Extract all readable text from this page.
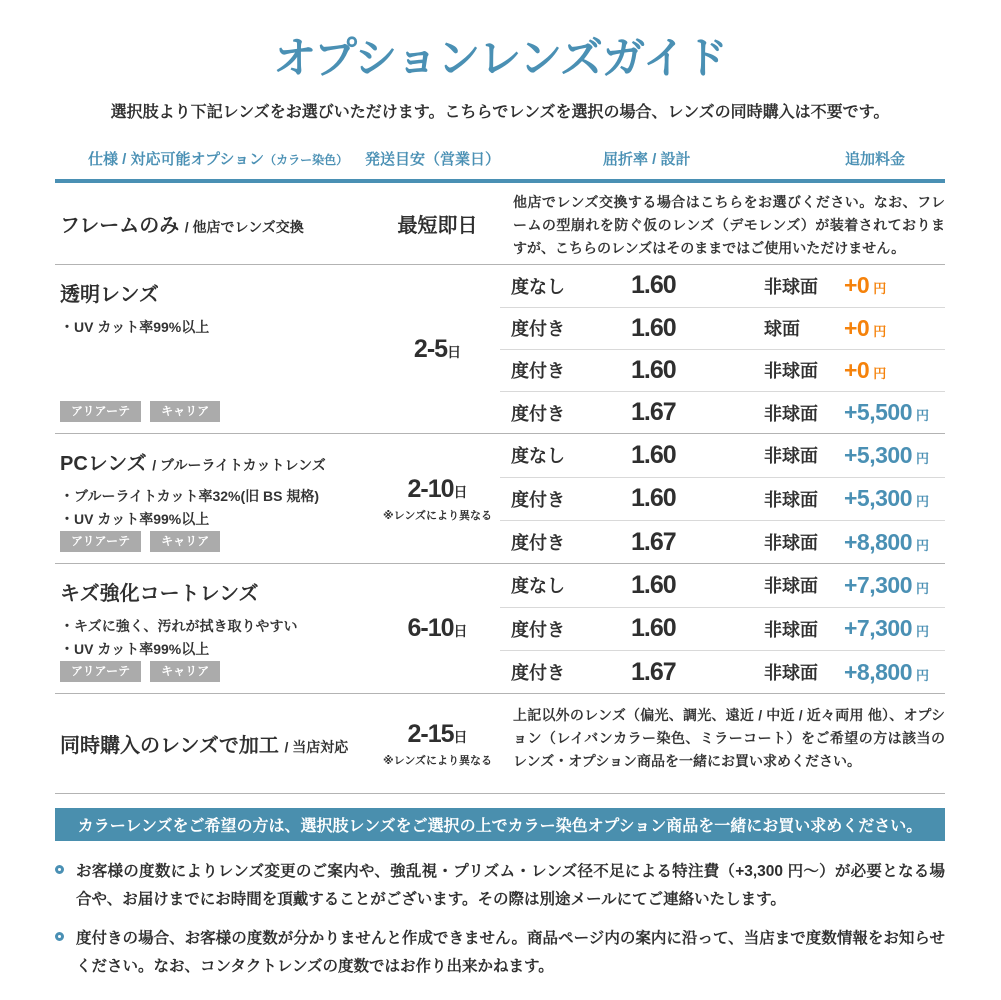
オプションレンズガイド

選択肢より下記レンズをお選びいただけます。こちらでレンズを選択の場合、レンズの同時購入は不要です。

仕様 / 対応可能オプション（カラー染色） 発送目安（営業日）	屈折率 / 設計	追加料金
フレームのみ / 他店でレンズ交換	最短即日
他店でレンズ交換する場合はこちらをお選びください。なお、フレームの型崩れを防ぐ仮のレンズ（デモレンズ）が装着されておりますが、こちらのレンズはそのままではご使用いただけません。
透明レンズ
・UV カット率99%以上
アリアーテ	キャリア
2-5日
度なし	1.60	非球面	+0 円
度付き	1.60	球面	+0 円
度付き	1.60	非球面	+0 円
度付き	1.67	非球面	+5,500 円
PCレンズ / ブルーライトカットレンズ
・ブルーライトカット率32%(旧 BS 規格)
・UV カット率99%以上
アリアーテ	キャリア
2-10日
※レンズにより異なる
度なし	1.60	非球面	+5,300 円
度付き	1.60	非球面	+5,300 円
度付き	1.67	非球面	+8,800 円
キズ強化コートレンズ
・キズに強く、汚れが拭き取りやすい
・UV カット率99%以上
アリアーテ	キャリア
6-10日
度なし	1.60	非球面	+7,300 円
度付き	1.60	非球面	+7,300 円
度付き	1.67	非球面	+8,800 円
同時購入のレンズで加工 / 当店対応	2-15日
※レンズにより異なる
上記以外のレンズ（偏光、調光、遠近 / 中近 / 近々両用 他）、オプション（レイバンカラー染色、ミラーコート）をご希望の方は該当のレンズ・オプション商品を一緒にお買い求めください。
カラーレンズをご希望の方は、選択肢レンズをご選択の上でカラー染色オプション商品を一緒にお買い求めください。

お客様の度数によりレンズ変更のご案内や、強乱視・プリズム・レンズ径不足による特注費（+3,300 円〜）が必要となる場合や、お届けまでにお時間を頂戴することがございます。その際は別途メールにてご連絡いたします。

度付きの場合、お客様の度数が分かりませんと作成できません。商品ページ内の案内に沿って、当店まで度数情報をお知らせください。なお、コンタクトレンズの度数ではお作り出来かねます。
